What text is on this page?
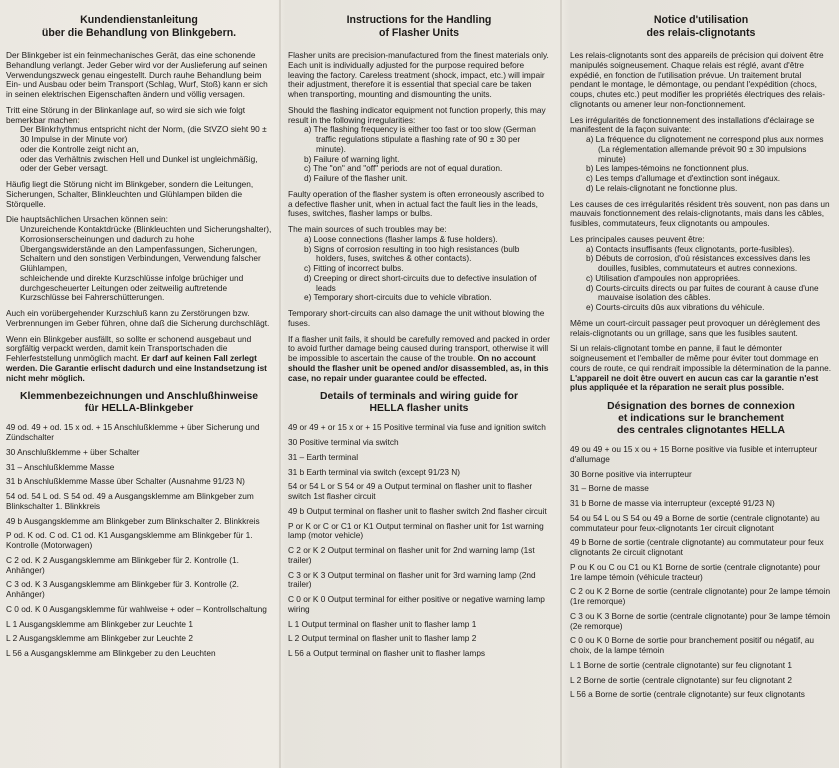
Kundendienstanleitung
über die Behandlung von Blinkgebern.

Der Blinkgeber ist ein feinmechanisches Gerät, das eine schonende Behandlung verlangt. Jeder Geber wird vor der Auslieferung auf seinen Verwendungszweck genau eingestellt. Durch rauhe Behandlung beim Ein- und Ausbau oder beim Transport (Schlag, Wurf, Stoß) kann er sich in seinen elektrischen Eigenschaften ändern und völlig versagen.

Tritt eine Störung in der Blinkanlage auf, so wird sie sich wie folgt bemerkbar machen:

Der Blinkrhythmus entspricht nicht der Norm, (die StVZO sieht 90 ± 30 Impulse in der Minute vor)
oder die Kontrolle zeigt nicht an,
oder das Verhältnis zwischen Hell und Dunkel ist ungleichmäßig,
oder der Geber versagt.

Häufig liegt die Störung nicht im Blinkgeber, sondern die Leitungen, Sicherungen, Schalter, Blinkleuchten und Glühlampen bilden die Störquelle.

Die hauptsächlichen Ursachen können sein:

Unzureichende Kontaktdrücke (Blinkleuchten und Sicherungshalter),
Korrosionserscheinungen und dadurch zu hohe Übergangswiderstände an den Lampenfassungen, Sicherungen, Schaltern und den sonstigen Verbindungen, Verwendung falscher Glühlampen,
schleichende und direkte Kurzschlüsse infolge brüchiger und durchgescheuerter Leitungen oder zeitweilig auftretende Kurzschlüsse bei Fahrerschütterungen.

Auch ein vorübergehender Kurzschluß kann zu Zerstörungen bzw. Verbrennungen im Geber führen, ohne daß die Sicherung durchschlägt.

Wenn ein Blinkgeber ausfällt, so sollte er schonend ausgebaut und sorgfältig verpackt werden, damit kein Transportschaden die Fehlerfeststellung unmöglich macht. Er darf auf keinen Fall zerlegt werden. Die Garantie erlischt dadurch und eine Instandsetzung ist nicht mehr möglich.

Klemmenbezeichnungen und Anschlußhinweise
für HELLA-Blinkgeber

49 od. 49 + od. 15 x od. + 15 Anschlußklemme + über Sicherung und Zündschalter

30 Anschlußklemme + über Schalter

31 – Anschlußklemme Masse

31 b Anschlußklemme Masse über Schalter (Ausnahme 91/23 N)

54 od. 54 L od. S 54 od. 49 a Ausgangsklemme am Blinkgeber zum Blinkschalter 1. Blinkkreis

49 b Ausgangsklemme am Blinkgeber zum Blinkschalter 2. Blinkkreis

P od. K od. C od. C1 od. K1 Ausgangsklemme am Blinkgeber für 1. Kontrolle (Motorwagen)

C 2 od. K 2 Ausgangsklemme am Blinkgeber für 2. Kontrolle (1. Anhänger)

C 3 od. K 3 Ausgangsklemme am Blinkgeber für 3. Kontrolle (2. Anhänger)

C 0 od. K 0 Ausgangsklemme für wahlweise + oder – Kontrollschaltung

L 1 Ausgangsklemme am Blinkgeber zur Leuchte 1

L 2 Ausgangsklemme am Blinkgeber zur Leuchte 2

L 56 a Ausgangsklemme am Blinkgeber zu den Leuchten

Instructions for the Handling
of Flasher Units

Flasher units are precision-manufactured from the finest materials only. Each unit is individually adjusted for the purpose required before leaving the factory. Careless treatment (shock, impact, etc.) will impair their adjustment, therefore it is essential that special care be taken when transporting, mounting and dismounting the units.

Should the flashing indicator equipment not function properly, this may result in the following irregularities:

a) The flashing frequency is either too fast or too slow (German traffic regulations stipulate a flashing rate of 90 ± 30 per minute).
b) Failure of warning light.
c) The "on" and "off" periods are not of equal duration.
d) Failure of the flasher unit.

Faulty operation of the flasher system is often erroneously ascribed to a defective flasher unit, when in actual fact the fault lies in the leads, fuses, switches, flasher lamps or bulbs.

The main sources of such troubles may be:

a) Loose connections (flasher lamps & fuse holders).
b) Signs of corrosion resulting in too high resistances (bulb holders, fuses, switches & other contacts).
c) Fitting of incorrect bulbs.
d) Creeping or direct short-circuits due to defective insulation of leads
e) Temporary short-circuits due to vehicle vibration.

Temporary short-circuits can also damage the unit without blowing the fuses.

If a flasher unit fails, it should be carefully removed and packed in order to avoid further damage being caused during transport, otherwise it will be impossible to ascertain the cause of the trouble. On no account should the flasher unit be opened and/or disassembled, as, in this case, no repair under guarantee could be effected.

Details of terminals and wiring guide for
HELLA flasher units

49 or 49 + or 15 x or + 15 Positive terminal via fuse and ignition switch

30 Positive terminal via switch

31 – Earth terminal

31 b Earth terminal via switch (except 91/23 N)

54 or 54 L or S 54 or 49 a Output terminal on flasher unit to flasher switch 1st flasher circuit

49 b Output terminal on flasher unit to flasher switch 2nd flasher circuit

P or K or C or C1 or K1 Output terminal on flasher unit for 1st warning lamp (motor vehicle)

C 2 or K 2 Output terminal on flasher unit for 2nd warning lamp (1st trailer)

C 3 or K 3 Output terminal on flasher unit for 3rd warning lamp (2nd trailer)

C 0 or K 0 Output terminal for either positive or negative warning lamp wiring

L 1 Output terminal on flasher unit to flasher lamp 1

L 2 Output terminal on flasher unit to flasher lamp 2

L 56 a Output terminal on flasher unit to flasher lamps

Notice d'utilisation
des relais-clignotants

Les relais-clignotants sont des appareils de précision qui doivent être manipulés soigneusement. Chaque relais est réglé, avant d'être expédié, en fonction de l'utilisation prévue. Un traitement brutal pendant le montage, le démontage, ou pendant l'expédition (chocs, coups, chutes etc.) peut modifier les propriétés électriques des relais-clignotants ou amener leur non-fonctionnement.

Les irrégularités de fonctionnement des installations d'éclairage se manifestent de la façon suivante:

a) La fréquence du clignotement ne correspond plus aux normes (La réglementation allemande prévoit 90 ± 30 impulsions minute)
b) Les lampes-témoins ne fonctionnent plus.
c) Les temps d'allumage et d'extinction sont inégaux.
d) Le relais-clignotant ne fonctionne plus.

Les causes de ces irrégularités résident très souvent, non pas dans un mauvais fonctionnement des relais-clignotants, mais dans les câbles, fusibles, commutateurs, feux clignotants ou ampoules.

Les principales causes peuvent être:

a) Contacts insuffisants (feux clignotants, porte-fusibles).
b) Débuts de corrosion, d'où résistances excessives dans les douilles, fusibles, commutateurs et autres connexions.
c) Utilisation d'ampoules non appropriées.
d) Courts-circuits directs ou par fuites de courant à cause d'une mauvaise isolation des câbles.
e) Courts-circuits dûs aux vibrations du véhicule.

Même un court-circuit passager peut provoquer un dérèglement des relais-clignotants ou un grillage, sans que les fusibles sautent.

Si un relais-clignotant tombe en panne, il faut le démonter soigneusement et l'emballer de même pour éviter tout dommage en cours de route, ce qui rendrait impossible la détermination de la panne. L'appareil ne doit être ouvert en aucun cas car la garantie n'est plus appliquée et la réparation ne serait plus possible.

Désignation des bornes de connexion
et indications sur le branchement
des centrales clignotantes HELLA

49 ou 49 + ou 15 x ou + 15 Borne positive via fusible et interrupteur d'allumage

30 Borne positive via interrupteur

31 – Borne de masse

31 b Borne de masse via interrupteur (excepté 91/23 N)

54 ou 54 L ou S 54 ou 49 a Borne de sortie (centrale clignotante) au commutateur pour feux-clignotants 1er circuit clignotant

49 b Borne de sortie (centrale clignotante) au commutateur pour feux clignotants 2e circuit clignotant

P ou K ou C ou C1 ou K1 Borne de sortie (centrale clignotante) pour 1re lampe témoin (véhicule tracteur)

C 2 ou K 2 Borne de sortie (centrale clignotante) pour 2e lampe témoin (1re remorque)

C 3 ou K 3 Borne de sortie (centrale clignotante) pour 3e lampe témoin (2e remorque)

C 0 ou K 0 Borne de sortie pour branchement positif ou négatif, au choix, de la lampe témoin

L 1 Borne de sortie (centrale clignotante) sur feu clignotant 1

L 2 Borne de sortie (centrale clignotante) sur feu clignotant 2

L 56 a Borne de sortie (centrale clignotante) sur feux clignotants
